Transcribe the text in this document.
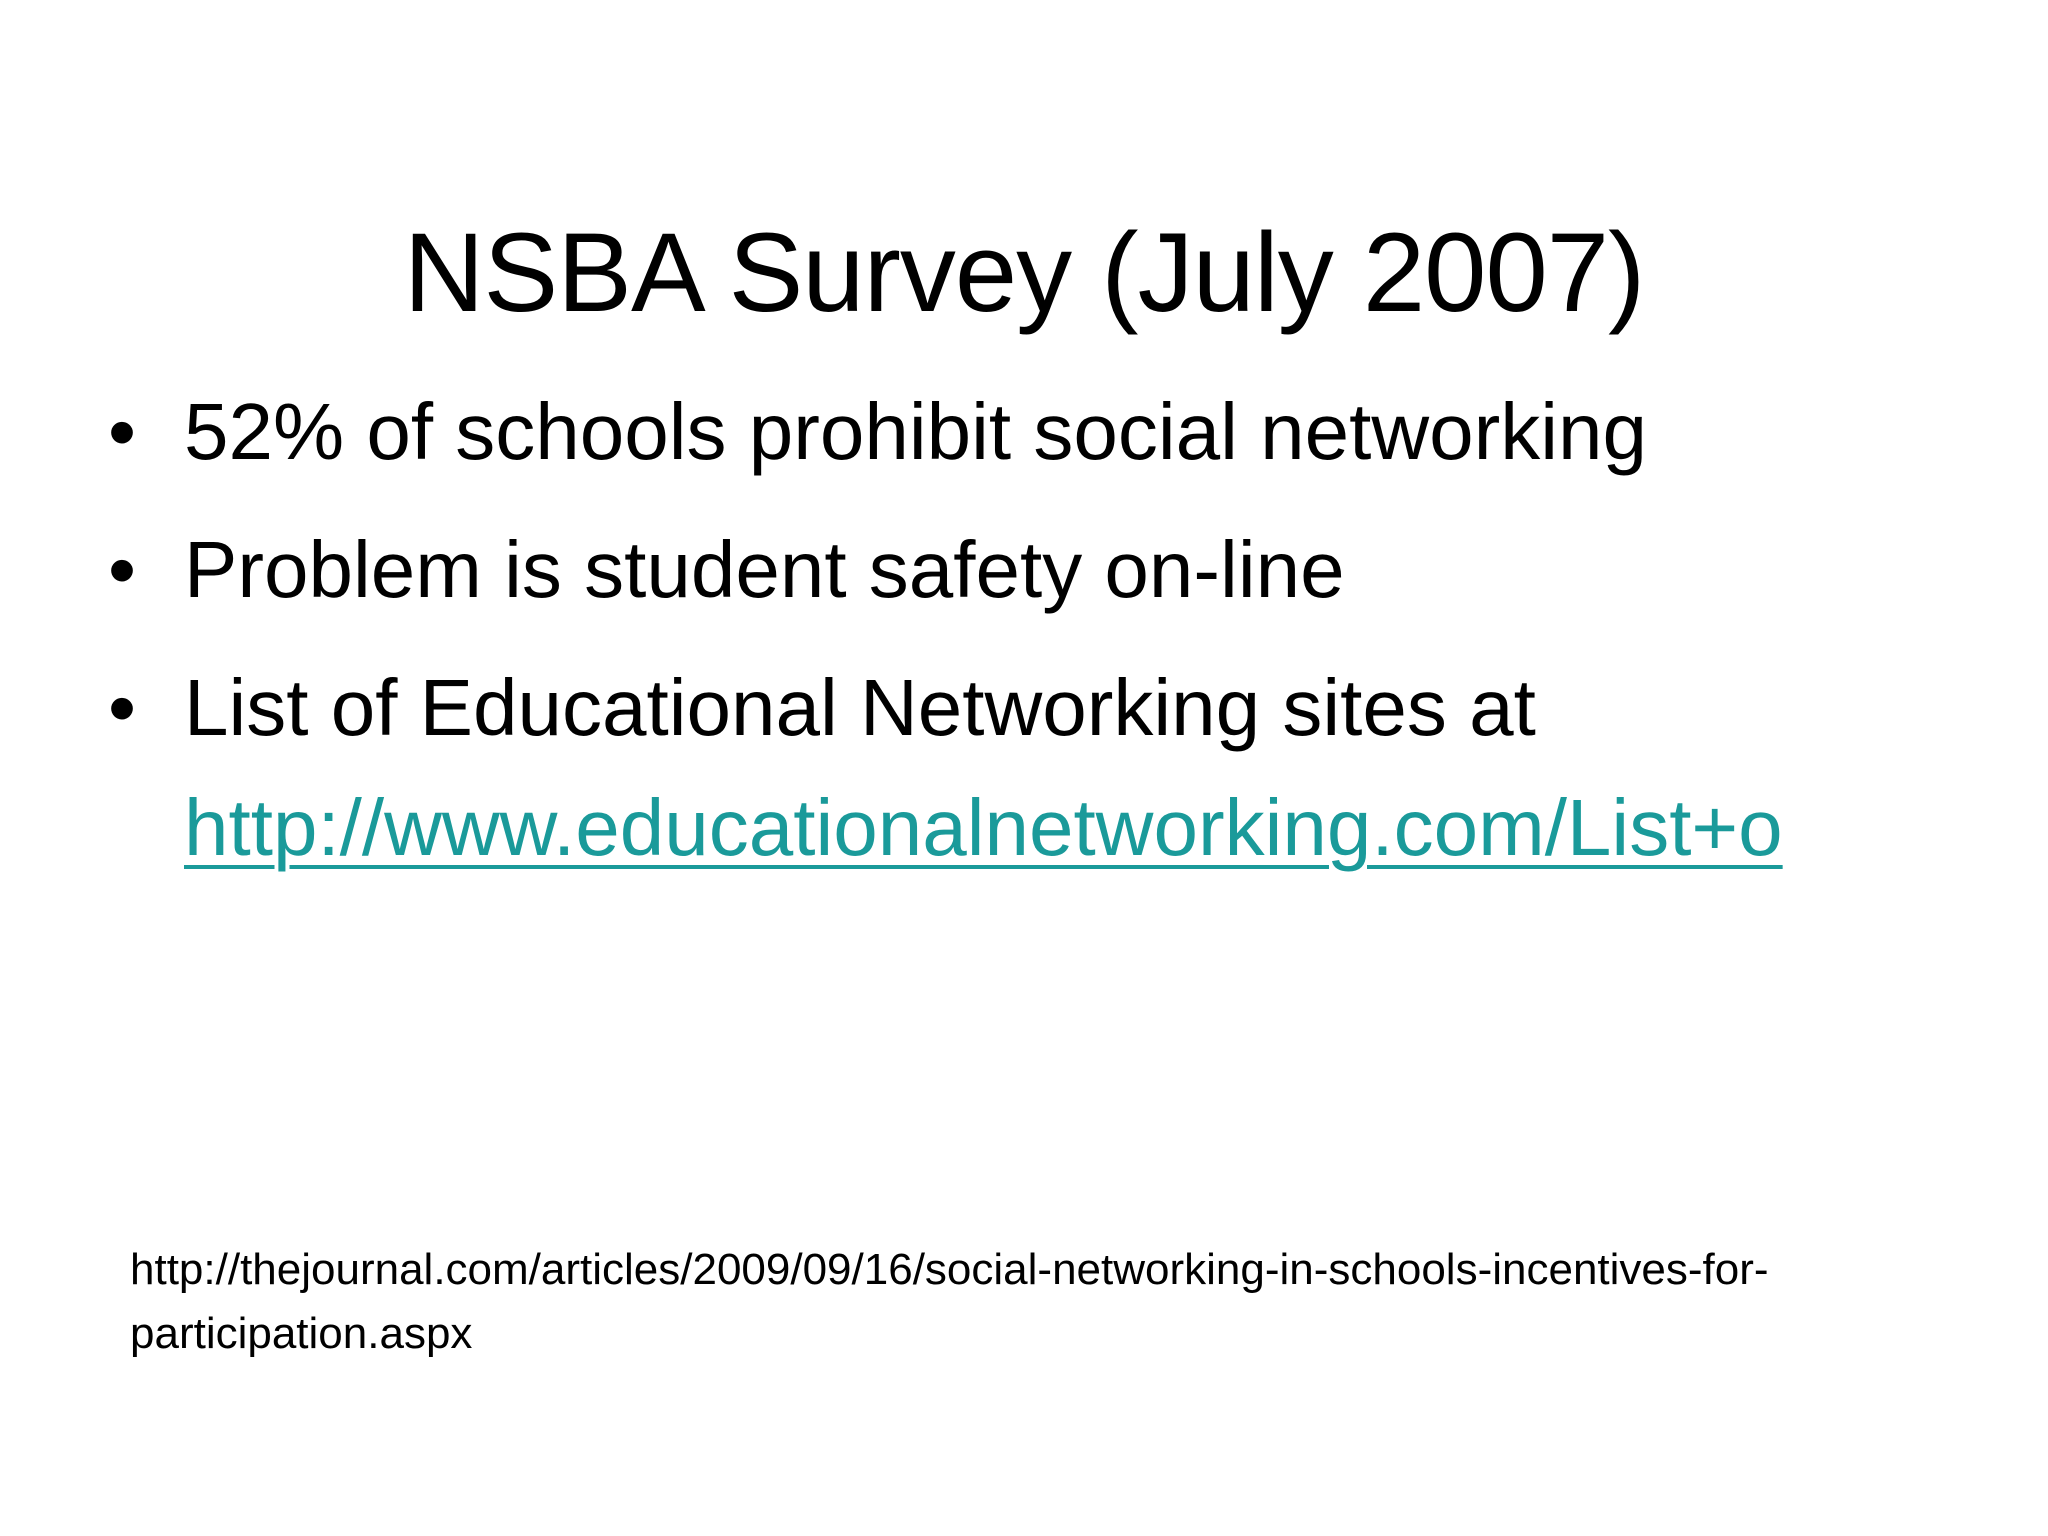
NSBA Survey (July 2007)
• 52% of schools prohibit social networking
• Problem is student safety on-line
• List of Educational Networking sites at
http://www.educationalnetworking.com/List+o
http://thejournal.com/articles/2009/09/16/social-networking-in-schools-incentives-for-
participation.aspx
